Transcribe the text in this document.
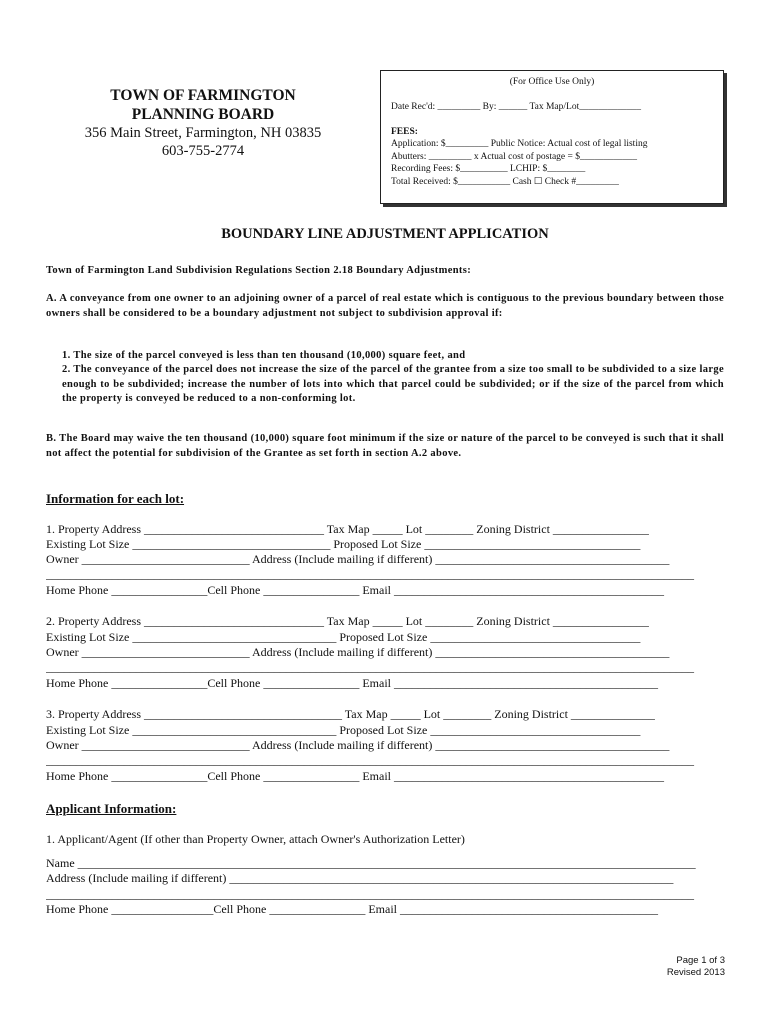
TOWN OF FARMINGTON
PLANNING BOARD
356 Main Street, Farmington, NH 03835
603-755-2774
(For Office Use Only)
Date Rec'd: _________ By: ______ Tax Map/Lot_____________
FEES:
Application: $_________ Public Notice: Actual cost of legal listing
Abutters: _________ x Actual cost of postage = $____________
Recording Fees: $__________ LCHIP: $________
Total Received: $___________ Cash ☐ Check #_________
BOUNDARY LINE ADJUSTMENT APPLICATION
Town of Farmington Land Subdivision Regulations Section 2.18 Boundary Adjustments:
A. A conveyance from one owner to an adjoining owner of a parcel of real estate which is contiguous to the previous boundary between those owners shall be considered to be a boundary adjustment not subject to subdivision approval if:
1. The size of the parcel conveyed is less than ten thousand (10,000) square feet, and
2. The conveyance of the parcel does not increase the size of the parcel of the grantee from a size too small to be subdivided to a size large enough to be subdivided; increase the number of lots into which that parcel could be subdivided; or if the size of the parcel from which the property is conveyed be reduced to a non-conforming lot.
B. The Board may waive the ten thousand (10,000) square foot minimum if the size or nature of the parcel to be conveyed is such that it shall not affect the potential for subdivision of the Grantee as set forth in section A.2 above.
Information for each lot:
1. Property Address ______________________________ Tax Map _____ Lot ________ Zoning District ________________
Existing Lot Size _________________________________ Proposed Lot Size ____________________________________
Owner ____________________________ Address (Include mailing if different) _______________________________________
____________________________________________________________________________________________________________
Home Phone ________________Cell Phone ________________ Email _____________________________________________
2. Property Address ______________________________ Tax Map _____ Lot ________ Zoning District ________________
Existing Lot Size __________________________________ Proposed Lot Size ___________________________________
Owner ____________________________ Address (Include mailing if different) _______________________________________
____________________________________________________________________________________________________________
Home Phone ________________Cell Phone ________________ Email ____________________________________________
3. Property Address _________________________________ Tax Map _____ Lot ________ Zoning District ______________
Existing Lot Size __________________________________ Proposed Lot Size ___________________________________
Owner ____________________________ Address (Include mailing if different) _______________________________________
____________________________________________________________________________________________________________
Home Phone ________________Cell Phone ________________ Email _____________________________________________
Applicant Information:
1. Applicant/Agent (If other than Property Owner, attach Owner's Authorization Letter)
Name _______________________________________________________________________________________________________
Address (Include mailing if different) __________________________________________________________________________
____________________________________________________________________________________________________________
Home Phone _________________Cell Phone ________________ Email ___________________________________________
Page 1 of 3
Revised 2013
